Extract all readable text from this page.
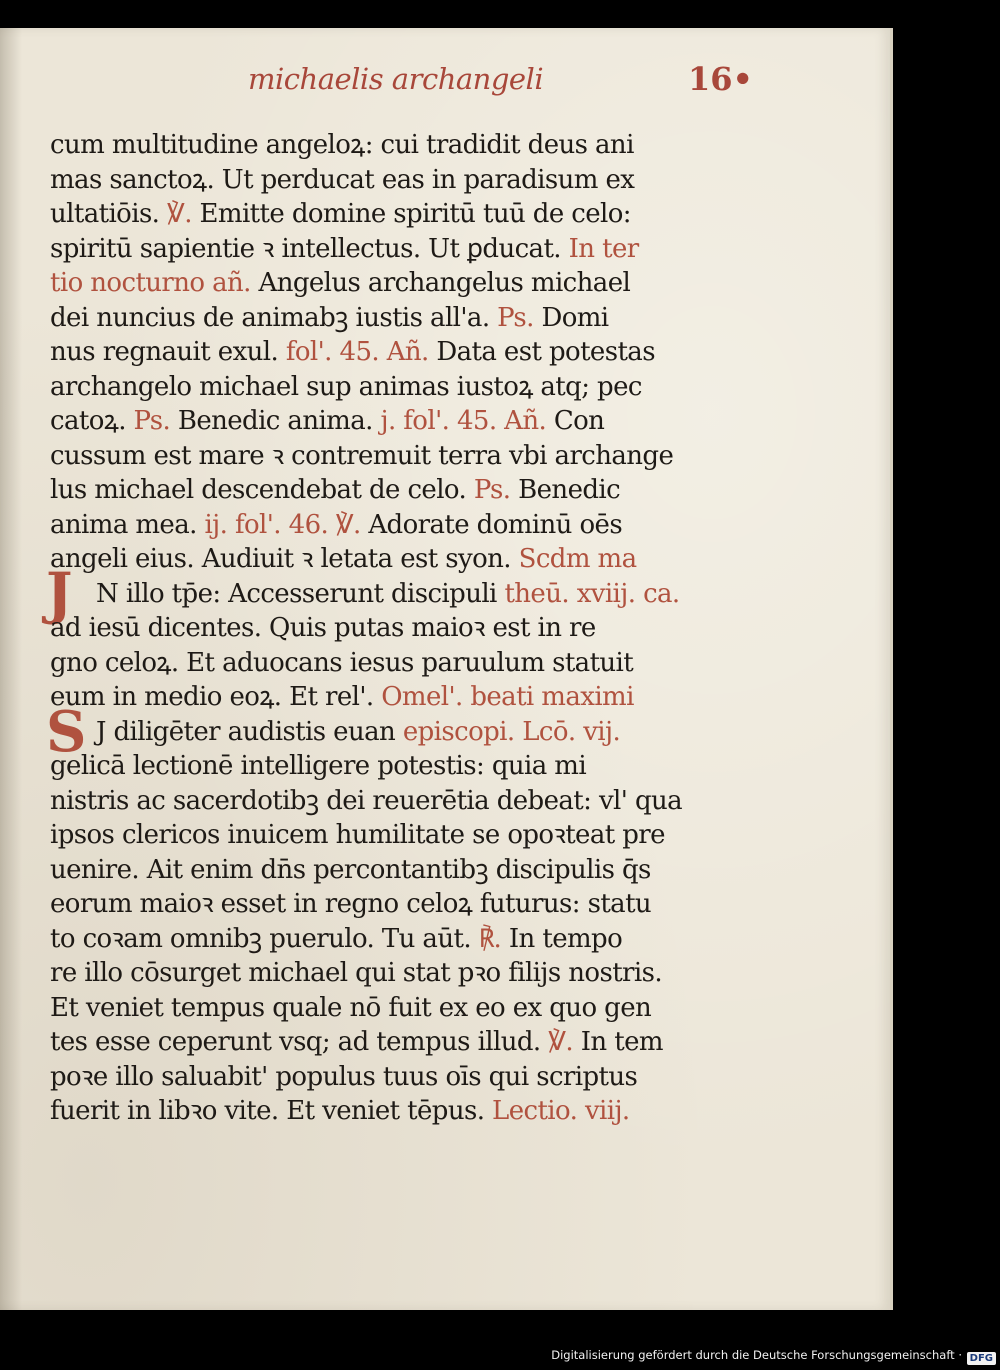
michaelis archangeli	16•
cum multitudine angeloꝝ: cui tradidit deus ani
mas sanctoꝝ. Ut perducat eas in paradisum ex
ultatiōis. ℣. Emitte domine spiritū tuū de celo:
spiritū sapientie ꝛ intellectus. Ut ꝑducat. In ter
tio nocturno añ. Angelus archangelus michael
dei nuncius de animabꝫ iustis all'a. Ps. Domi
nus regnauit exul. fol'. 45. Añ. Data est potestas
archangelo michael sup animas iustoꝝ atq; pec
catoꝝ. Ps. Benedic anima. j. fol'. 45. Añ. Con
cussum est mare ꝛ contremuit terra vbi archange
lus michael descendebat de celo. Ps. Benedic
anima mea. ij. fol'. 46. ℣. Adorate dominū oēs
angeli eius. Audiuit ꝛ letata est syon. Scdm ma
J N illo tp̄e: Accesserunt discipuli theū. xviij. ca.
ad iesū dicentes. Quis putas maioꝛ est in re
gno celoꝝ. Et aduocans iesus paruulum statuit
eum in medio eoꝝ. Et rel'. Omel'. beati maximi
S J diligēter audistis euan episcopi. Lcō. vij.
gelicā lectionē intelligere potestis: quia mi
nistris ac sacerdotibꝫ dei reuerētia debeat: vl' qua
ipsos clericos inuicem humilitate se opoꝛteat pre
uenire. Ait enim dn̄s percontantibꝫ discipulis q̄s
eorum maioꝛ esset in regno celoꝝ futurus: statu
to coꝛam omnibꝫ puerulo. Tu aūt. ℟. In tempo
re illo cōsurget michael qui stat pꝛo filijs nostris.
Et veniet tempus quale nō fuit ex eo ex quo gen
tes esse ceperunt vsq; ad tempus illud. ℣. In tem
poꝛe illo saluabit' populus tuus oīs qui scriptus
fuerit in libꝛo vite. Et veniet tēpus. Lectio. viij.
Digitalisierung gefördert durch die Deutsche Forschungsgemeinschaft · DFG
